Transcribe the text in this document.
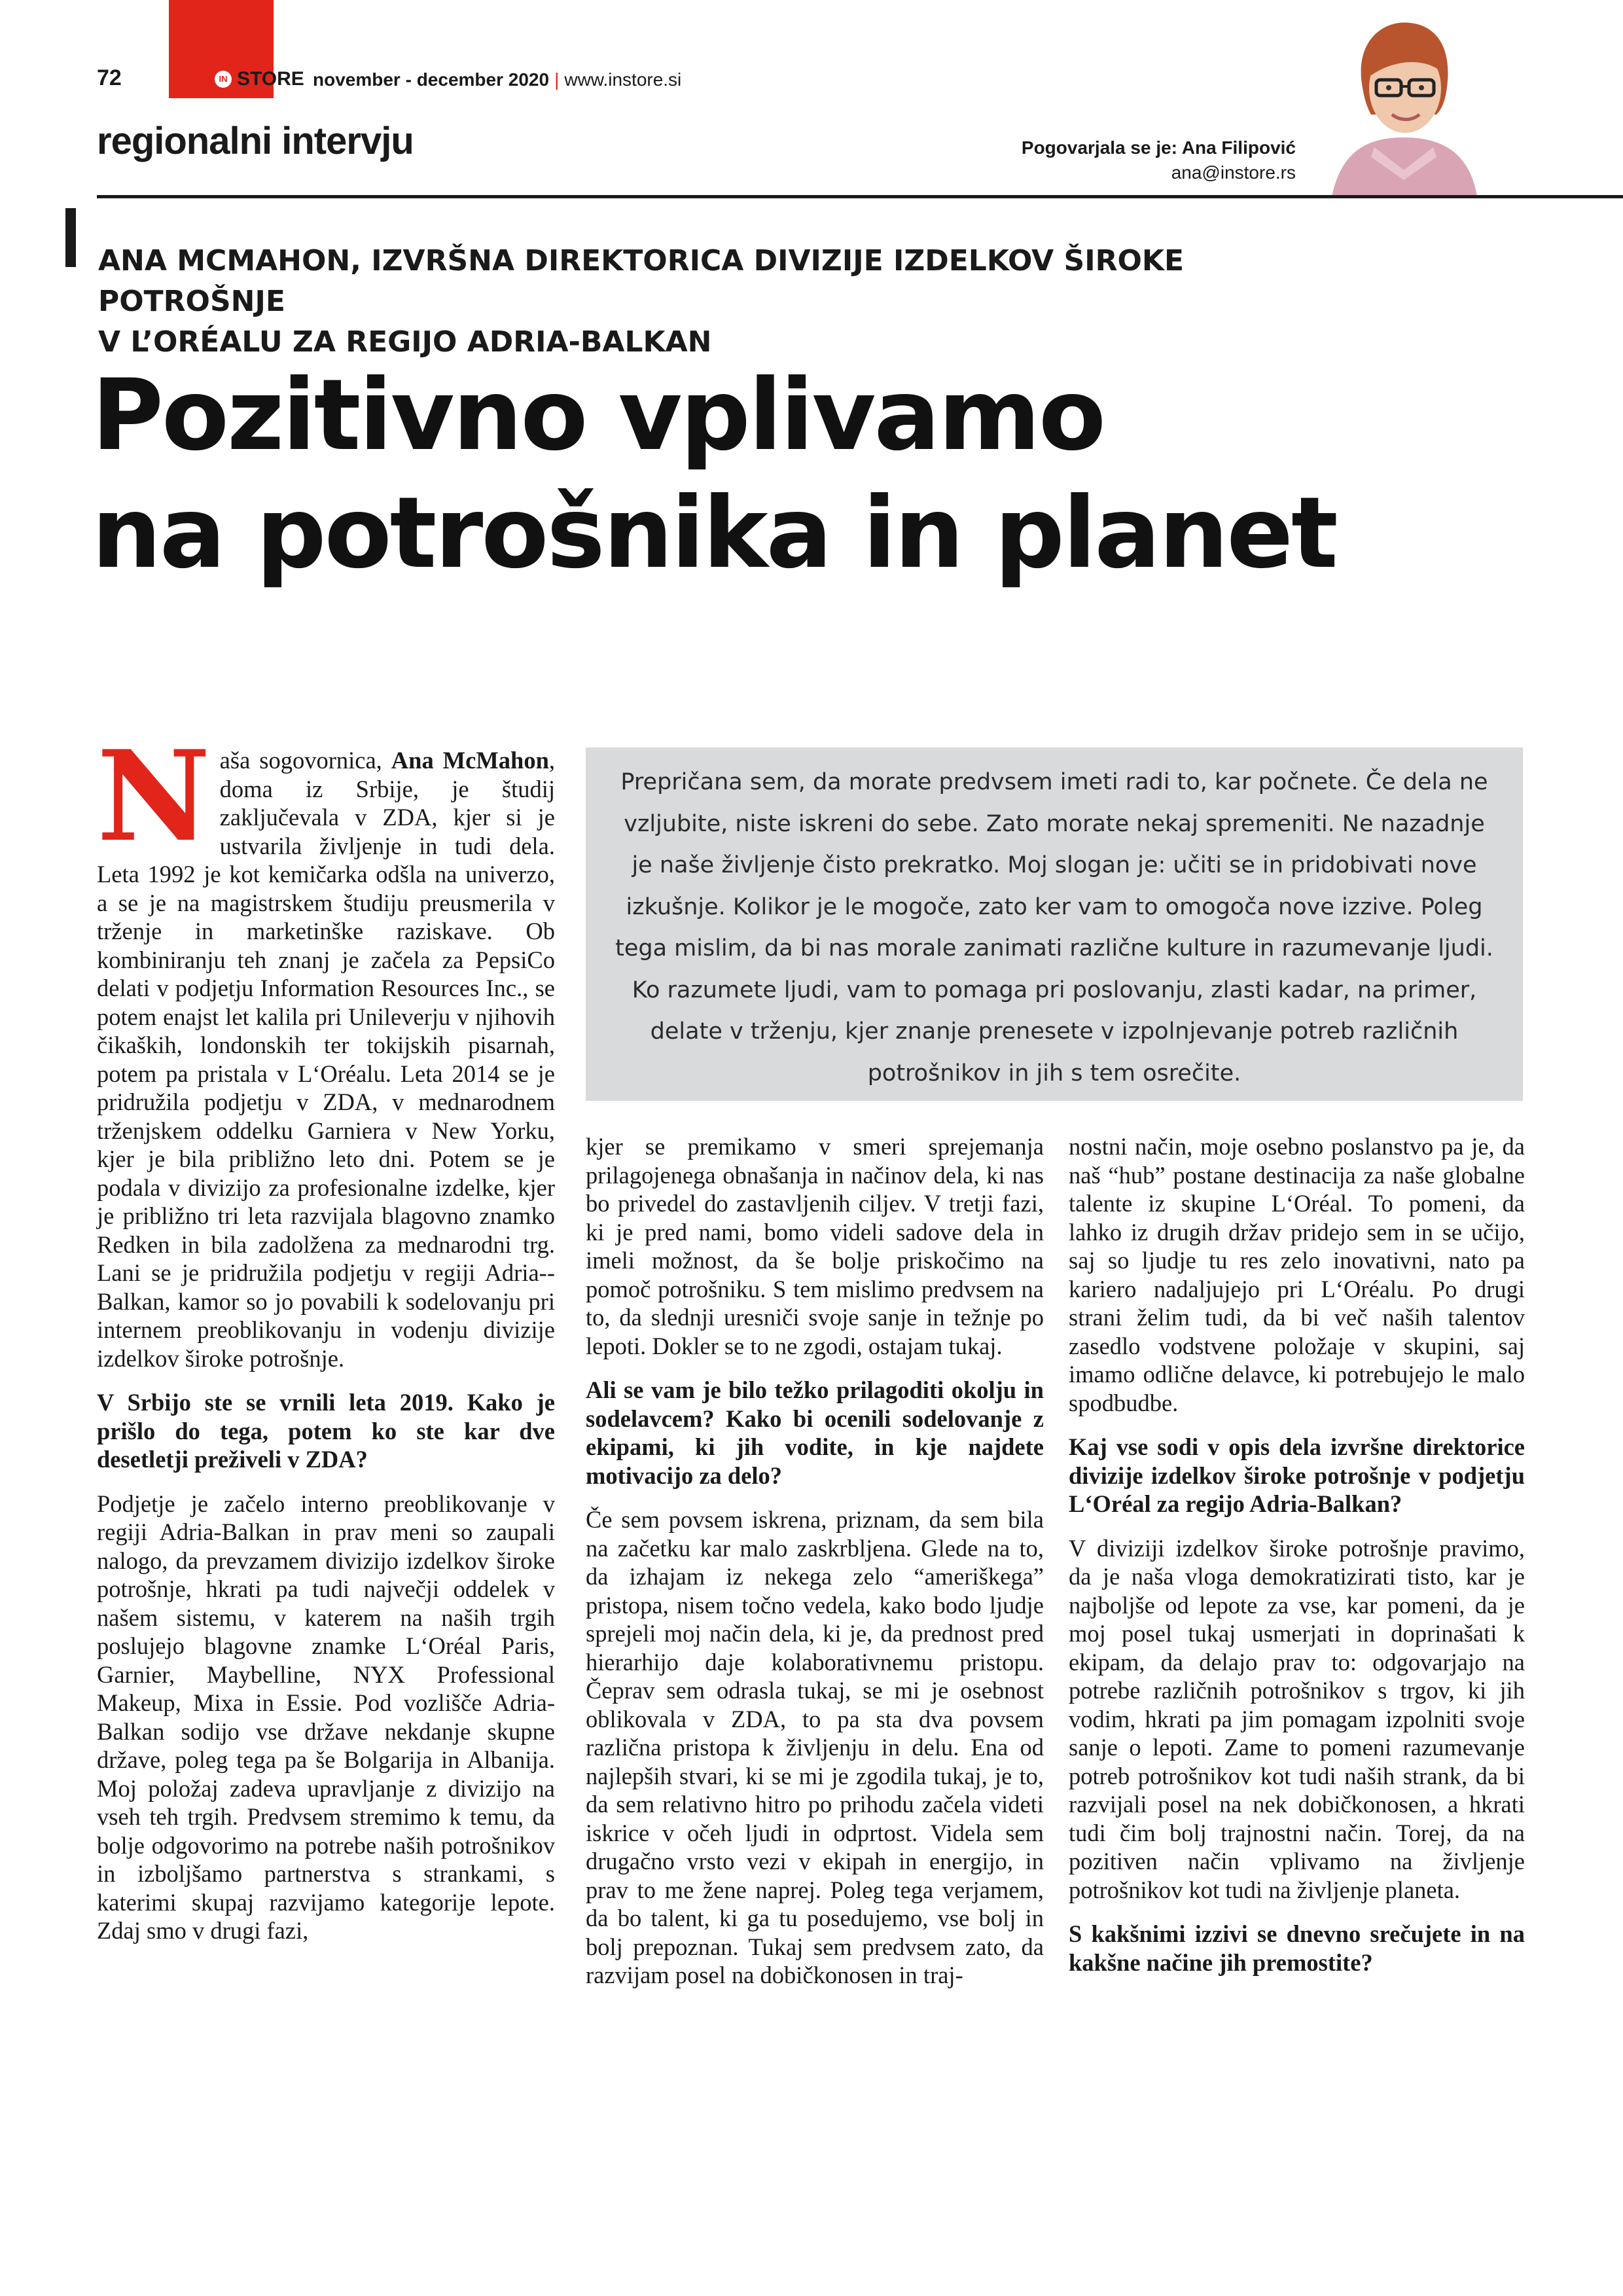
72	IN STORE november - december 2020 | www.instore.si
regionalni intervju	Pogovarjala se je: Ana Filipović
ana@instore.rs
ANA MCMAHON, IZVRŠNA DIREKTORICA DIVIZIJE IZDELKOV ŠIROKE POTROŠNJE
V L’ORÉALU ZA REGIJO ADRIA-BALKAN
Pozitivno vplivamo
na potrošnika in planet

Naša sogovornica, Ana McMahon, doma iz Srbije, je študij zaključevala v ZDA, kjer si je ustvarila življenje in tudi dela. Leta 1992 je kot kemičarka odšla na univerzo, a se je na magistrskem študiju preusmerila v trženje in marketinške raziskave. Ob kombiniranju teh znanj je začela za PepsiCo delati v podjetju Information Resources Inc., se potem enajst let kalila pri Unileverju v njihovih čikaških, londonskih ter tokijskih pisarnah, potem pa pristala v L‘Oréalu. Leta 2014 se je pridružila podjetju v ZDA, v mednarodnem trženjskem oddelku Garniera v New Yorku, kjer je bila približno leto dni. Potem se je podala v divizijo za profesionalne izdelke, kjer je približno tri leta razvijala blagovno znamko Redken in bila zadolžena za mednarodni trg. Lani se je pridružila podjetju v regiji Adria--Balkan, kamor so jo povabili k sodelovanju pri internem preoblikovanju in vodenju divizije izdelkov široke potrošnje.

V Srbijo ste se vrnili leta 2019. Kako je prišlo do tega, potem ko ste kar dve desetletji preživeli v ZDA?

Podjetje je začelo interno preoblikovanje v regiji Adria-Balkan in prav meni so zaupali nalogo, da prevzamem divizijo izdelkov široke potrošnje, hkrati pa tudi največji oddelek v našem sistemu, v katerem na naših trgih poslujejo blagovne znamke L‘Oréal Paris, Garnier, Maybelline, NYX Professional Makeup, Mixa in Essie. Pod vozlišče Adria-Balkan sodijo vse države nekdanje skupne države, poleg tega pa še Bolgarija in Albanija. Moj položaj zadeva upravljanje z divizijo na vseh teh trgih. Predvsem stremimo k temu, da bolje odgovorimo na potrebe naših potrošnikov in izboljšamo partnerstva s strankami, s katerimi skupaj razvijamo kategorije lepote. Zdaj smo v drugi fazi,

Prepričana sem, da morate predvsem imeti radi to, kar počnete. Če dela ne vzljubite, niste iskreni do sebe. Zato morate nekaj spremeniti. Ne nazadnje je naše življenje čisto prekratko. Moj slogan je: učiti se in pridobivati nove izkušnje. Kolikor je le mogoče, zato ker vam to omogoča nove izzive. Poleg tega mislim, da bi nas morale zanimati različne kulture in razumevanje ljudi. Ko razumete ljudi, vam to pomaga pri poslovanju, zlasti kadar, na primer, delate v trženju, kjer znanje prenesete v izpolnjevanje potreb različnih potrošnikov in jih s tem osrečite.

kjer se premikamo v smeri sprejemanja prilagojenega obnašanja in načinov dela, ki nas bo privedel do zastavljenih ciljev. V tretji fazi, ki je pred nami, bomo videli sadove dela in imeli možnost, da še bolje priskočimo na pomoč potrošniku. S tem mislimo predvsem na to, da slednji uresniči svoje sanje in težnje po lepoti. Dokler se to ne zgodi, ostajam tukaj.

Ali se vam je bilo težko prilagoditi okolju in sodelavcem? Kako bi ocenili sodelovanje z ekipami, ki jih vodite, in kje najdete motivacijo za delo?

Če sem povsem iskrena, priznam, da sem bila na začetku kar malo zaskrbljena. Glede na to, da izhajam iz nekega zelo “ameriškega” pristopa, nisem točno vedela, kako bodo ljudje sprejeli moj način dela, ki je, da prednost pred hierarhijo daje kolaborativnemu pristopu. Čeprav sem odrasla tukaj, se mi je osebnost oblikovala v ZDA, to pa sta dva povsem različna pristopa k življenju in delu. Ena od najlepših stvari, ki se mi je zgodila tukaj, je to, da sem relativno hitro po prihodu začela videti iskrice v očeh ljudi in odprtost. Videla sem drugačno vrsto vezi v ekipah in energijo, in prav to me žene naprej. Poleg tega verjamem, da bo talent, ki ga tu posedujemo, vse bolj in bolj prepoznan. Tukaj sem predvsem zato, da razvijam posel na dobičkonosen in traj-

nostni način, moje osebno poslanstvo pa je, da naš “hub” postane destinacija za naše globalne talente iz skupine L‘Oréal. To pomeni, da lahko iz drugih držav pridejo sem in se učijo, saj so ljudje tu res zelo inovativni, nato pa kariero nadaljujejo pri L‘Oréalu. Po drugi strani želim tudi, da bi več naših talentov zasedlo vodstvene položaje v skupini, saj imamo odlične delavce, ki potrebujejo le malo spodbudbe.

Kaj vse sodi v opis dela izvršne direktorice divizije izdelkov široke potrošnje v podjetju L‘Oréal za regijo Adria-Balkan?

V diviziji izdelkov široke potrošnje pravimo, da je naša vloga demokratizirati tisto, kar je najboljše od lepote za vse, kar pomeni, da je moj posel tukaj usmerjati in doprinašati k ekipam, da delajo prav to: odgovarjajo na potrebe različnih potrošnikov s trgov, ki jih vodim, hkrati pa jim pomagam izpolniti svoje sanje o lepoti. Zame to pomeni razumevanje potreb potrošnikov kot tudi naših strank, da bi razvijali posel na nek dobičkonosen, a hkrati tudi čim bolj trajnostni način. Torej, da na pozitiven način vplivamo na življenje potrošnikov kot tudi na življenje planeta.

S kakšnimi izzivi se dnevno srečujete in na kakšne načine jih premostite?
